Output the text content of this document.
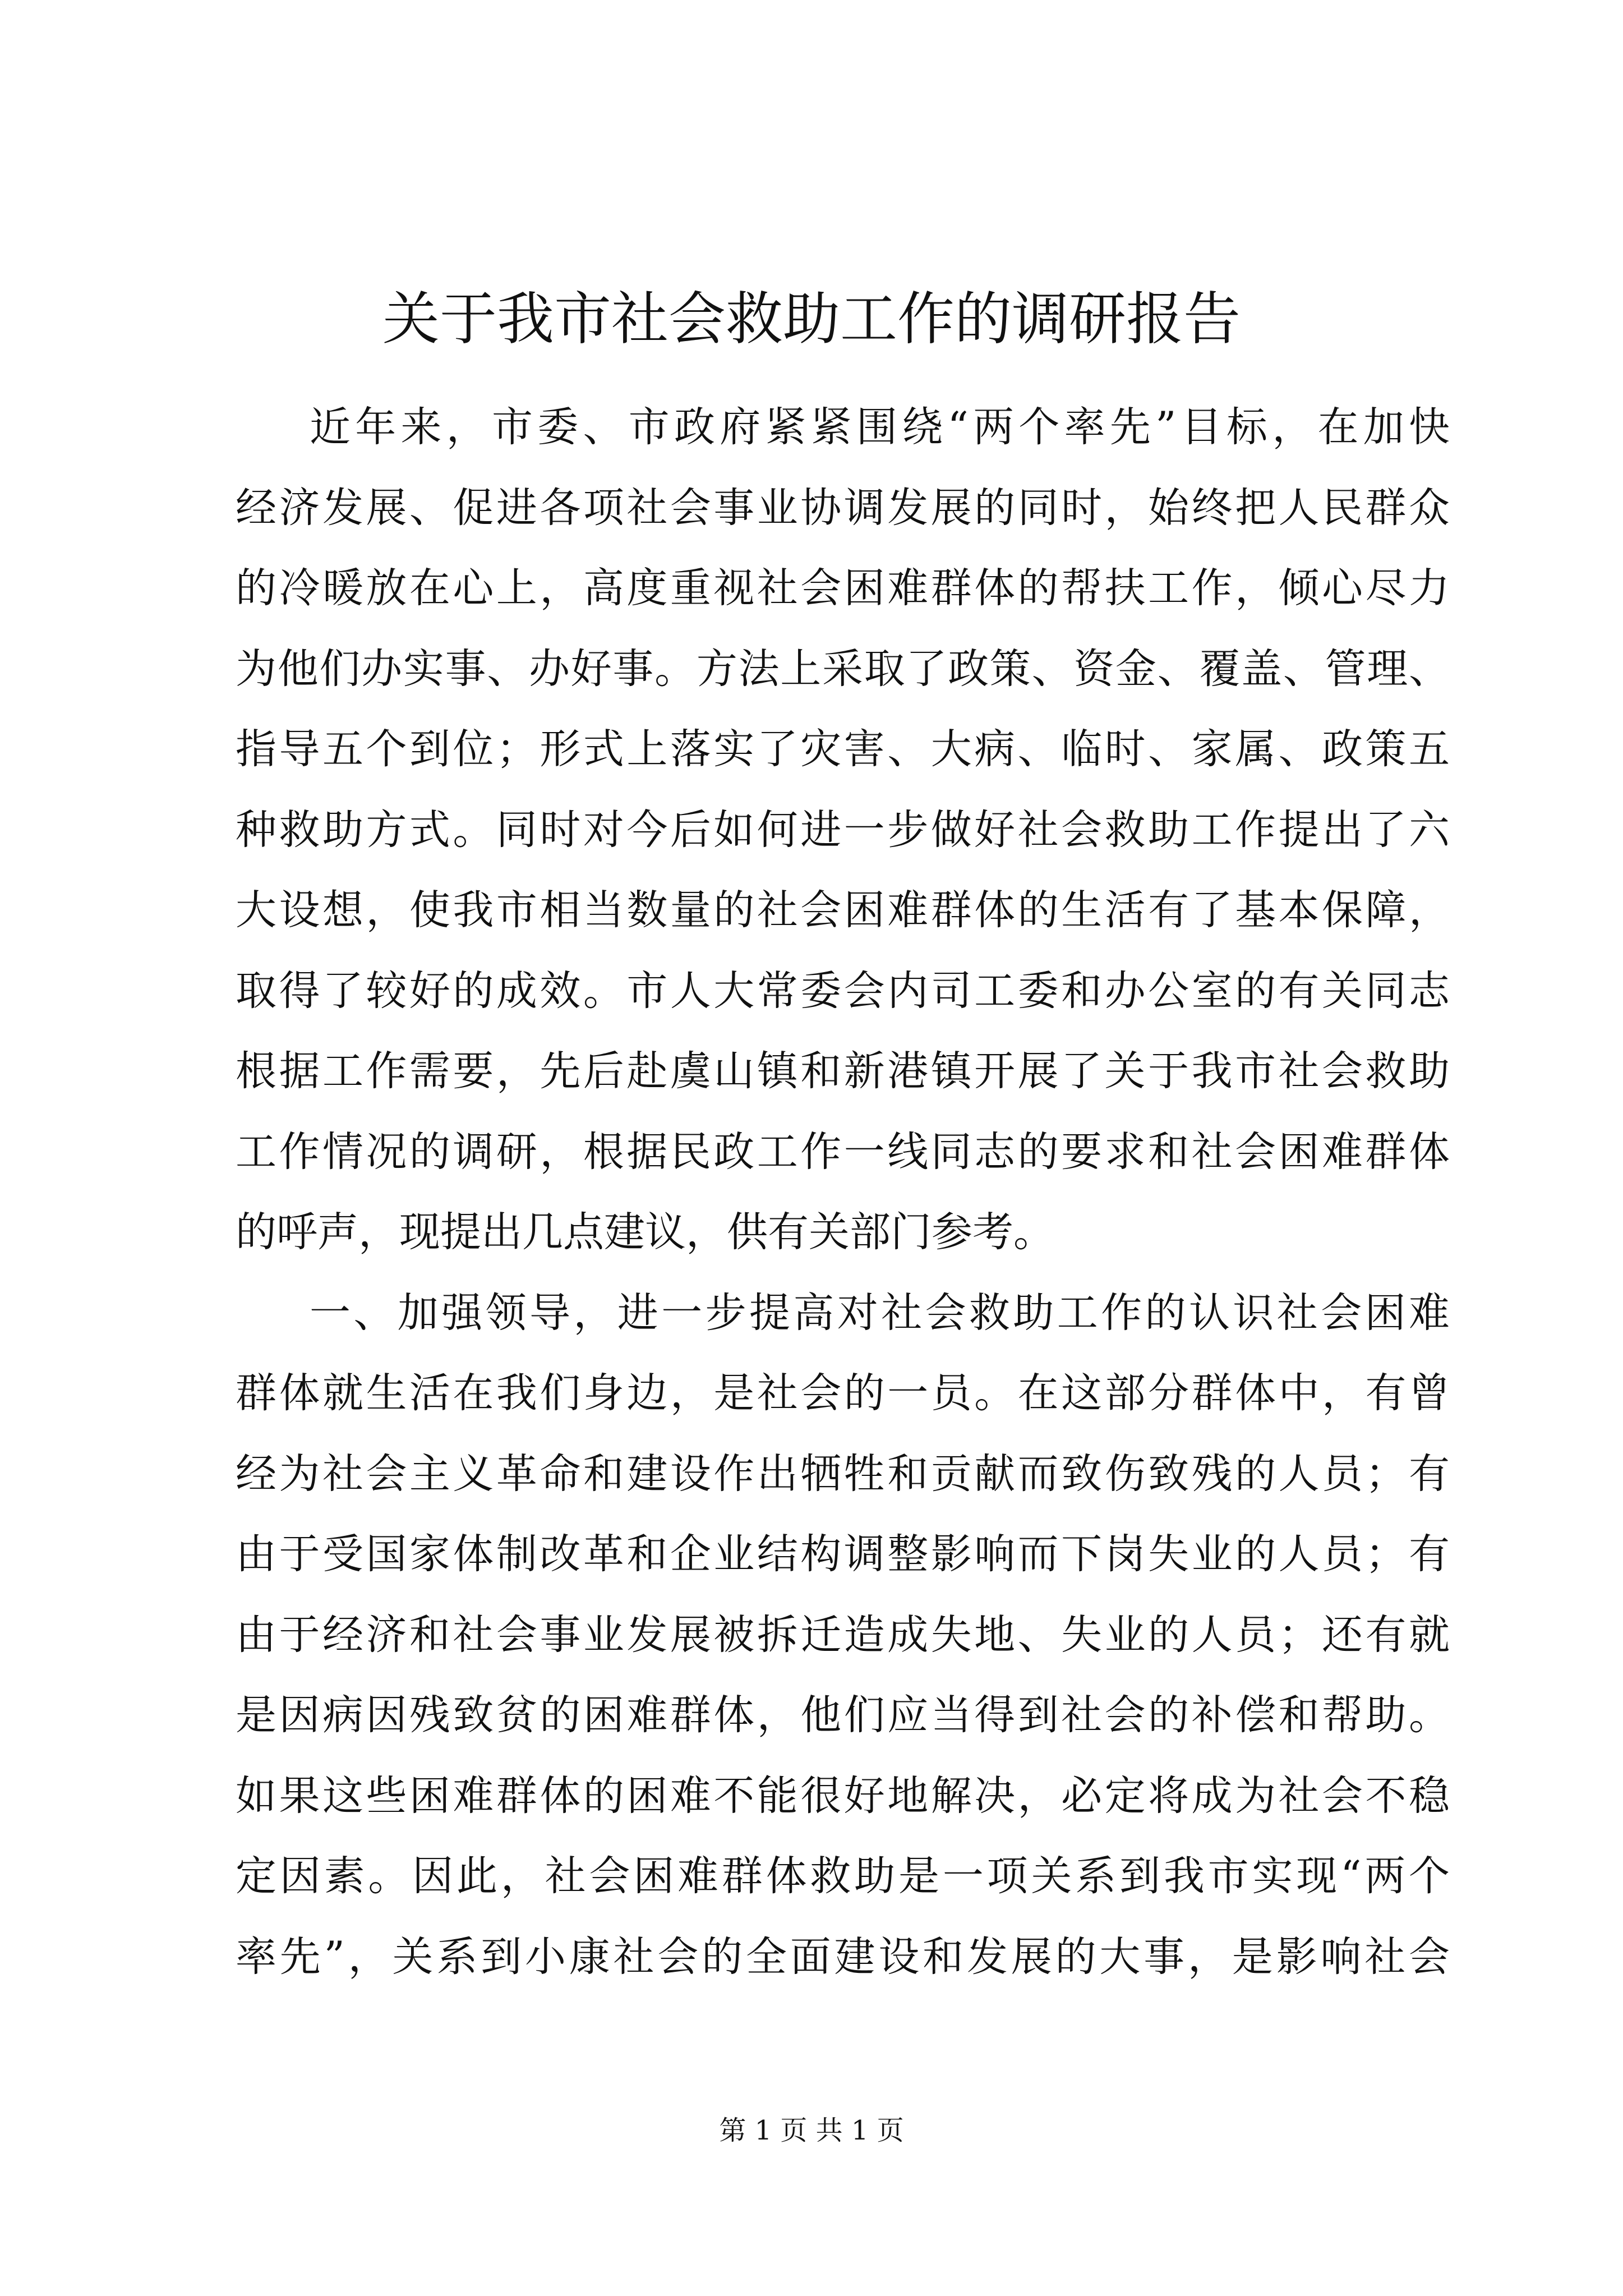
关于我市社会救助工作的调研报告
近年来，市委、市政府紧紧围绕“两个率先”目标，在加快
经济发展、促进各项社会事业协调发展的同时，始终把人民群众
的冷暖放在心上，高度重视社会困难群体的帮扶工作，倾心尽力
为他们办实事、办好事。方法上采取了政策、资金、覆盖、管理、
指导五个到位；形式上落实了灾害、大病、临时、家属、政策五
种救助方式。同时对今后如何进一步做好社会救助工作提出了六
大设想，使我市相当数量的社会困难群体的生活有了基本保障，
取得了较好的成效。市人大常委会内司工委和办公室的有关同志
根据工作需要，先后赴虞山镇和新港镇开展了关于我市社会救助
工作情况的调研，根据民政工作一线同志的要求和社会困难群体
的呼声，现提出几点建议，供有关部门参考。
一、加强领导，进一步提高对社会救助工作的认识社会困难
群体就生活在我们身边，是社会的一员。在这部分群体中，有曾
经为社会主义革命和建设作出牺牲和贡献而致伤致残的人员；有
由于受国家体制改革和企业结构调整影响而下岗失业的人员；有
由于经济和社会事业发展被拆迁造成失地、失业的人员；还有就
是因病因残致贫的困难群体，他们应当得到社会的补偿和帮助。
如果这些困难群体的困难不能很好地解决，必定将成为社会不稳
定因素。因此，社会困难群体救助是一项关系到我市实现“两个
率先”，关系到小康社会的全面建设和发展的大事，是影响社会
第 1 页 共 1 页
